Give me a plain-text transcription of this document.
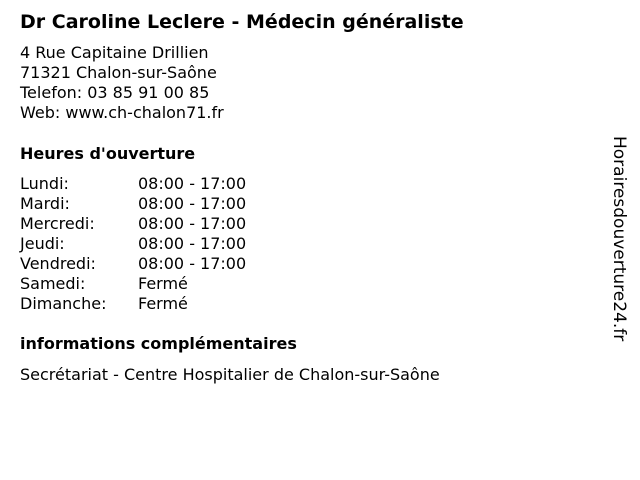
Dr Caroline Leclere - Médecin généraliste
4 Rue Capitaine Drillien
71321 Chalon-sur-Saône
Telefon: 03 85 91 00 85
Web: www.ch-chalon71.fr
Heures d'ouverture
Lundi:	08:00 - 17:00
Mardi:	08:00 - 17:00
Mercredi:	08:00 - 17:00
Jeudi:	08:00 - 17:00
Vendredi:	08:00 - 17:00
Samedi:	Fermé
Dimanche:	Fermé
informations complémentaires
Secrétariat - Centre Hospitalier de Chalon-sur-Saône
Horairesdouverture24.fr
